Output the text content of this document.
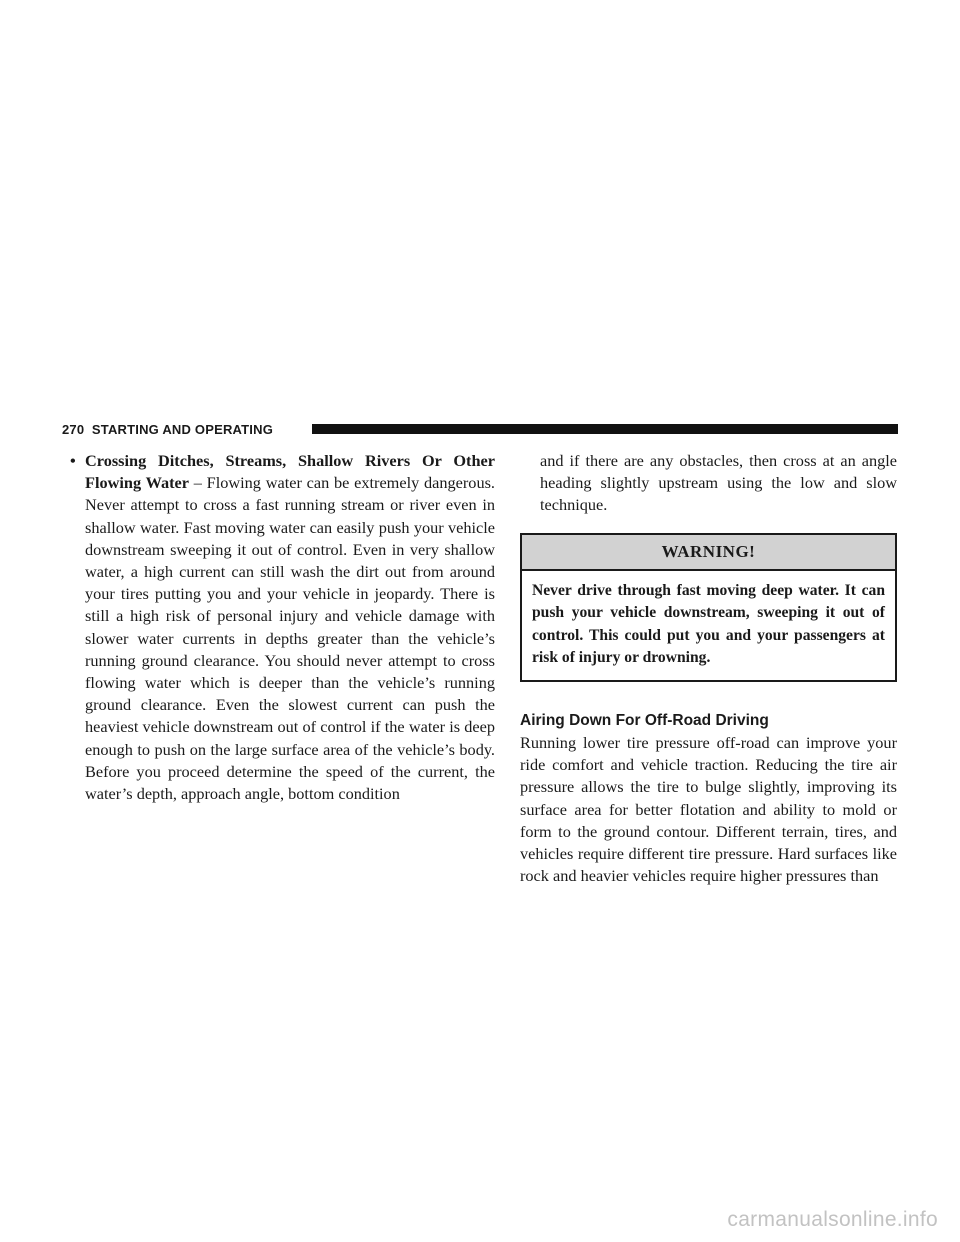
270 STARTING AND OPERATING

• Crossing Ditches, Streams, Shallow Rivers Or Other Flowing Water – Flowing water can be extremely dangerous. Never attempt to cross a fast running stream or river even in shallow water. Fast moving water can easily push your vehicle downstream sweeping it out of control. Even in very shallow water, a high current can still wash the dirt out from around your tires putting you and your vehicle in jeopardy. There is still a high risk of personal injury and vehicle damage with slower water currents in depths greater than the vehicle’s running ground clearance. You should never attempt to cross flowing water which is deeper than the vehicle’s running ground clearance. Even the slowest current can push the heaviest vehicle downstream out of control if the water is deep enough to push on the large surface area of the vehicle’s body. Before you proceed determine the speed of the current, the water’s depth, approach angle, bottom condition

and if there are any obstacles, then cross at an angle heading slightly upstream using the low and slow technique.

WARNING!
Never drive through fast moving deep water. It can push your vehicle downstream, sweeping it out of control. This could put you and your passengers at risk of injury or drowning.
Airing Down For Off-Road Driving

Running lower tire pressure off-road can improve your ride comfort and vehicle traction. Reducing the tire air pressure allows the tire to bulge slightly, improving its surface area for better flotation and ability to mold or form to the ground contour. Different terrain, tires, and vehicles require different tire pressure. Hard surfaces like rock and heavier vehicles require higher pressures than

carmanualsonline.info
